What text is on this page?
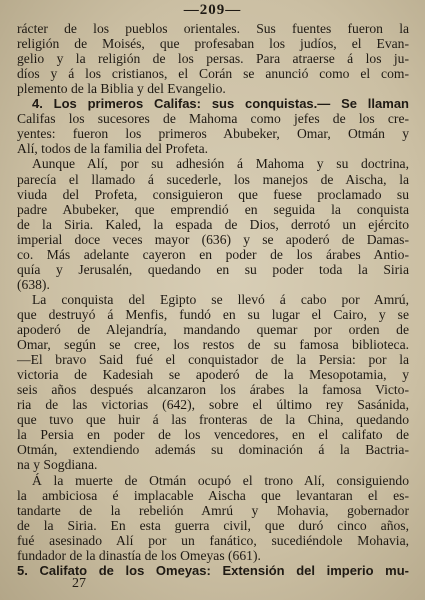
—209—
rácter de los pueblos orientales. Sus fuentes fueron la
religión de Moisés, que profesaban los judíos, el Evan-
gelio y la religión de los persas. Para atraerse á los ju-
díos y á los cristianos, el Corán se anunció como el com-
plemento de la Biblia y del Evangelio.
4. Los primeros Califas: sus conquistas.— Se llaman
Califas los sucesores de Mahoma como jefes de los cre-
yentes: fueron los primeros Abubeker, Omar, Otmán y
Alí, todos de la familia del Profeta.
Aunque Alí, por su adhesión á Mahoma y su doctrina,
parecía el llamado á sucederle, los manejos de Aischa, la
viuda del Profeta, consiguieron que fuese proclamado su
padre Abubeker, que emprendió en seguida la conquista
de la Siria. Kaled, la espada de Dios, derrotó un ejército
imperial doce veces mayor (636) y se apoderó de Damas-
co. Más adelante cayeron en poder de los árabes Antio-
quía y Jerusalén, quedando en su poder toda la Siria
(638).
La conquista del Egipto se llevó á cabo por Amrú,
que destruyó á Menfis, fundó en su lugar el Cairo, y se
apoderó de Alejandría, mandando quemar por orden de
Omar, según se cree, los restos de su famosa biblioteca.
—El bravo Said fué el conquistador de la Persia: por la
victoria de Kadesiah se apoderó de la Mesopotamia, y
seis años después alcanzaron los árabes la famosa Victo-
ria de las victorias (642), sobre el último rey Sasánida,
que tuvo que huir á las fronteras de la China, quedando
la Persia en poder de los vencedores, en el califato de
Otmán, extendiendo además su dominación á la Bactria-
na y Sogdiana.
Á la muerte de Otmán ocupó el trono Alí, consiguiendo
la ambiciosa é implacable Aischa que levantaran el es-
tandarte de la rebelión Amrú y Mohavia, gobernador
de la Siria. En esta guerra civil, que duró cinco años,
fué asesinado Alí por un fanático, sucediéndole Mohavia,
fundador de la dinastía de los Omeyas (661).
5. Califato de los Omeyas: Extensión del imperio mu-
27
